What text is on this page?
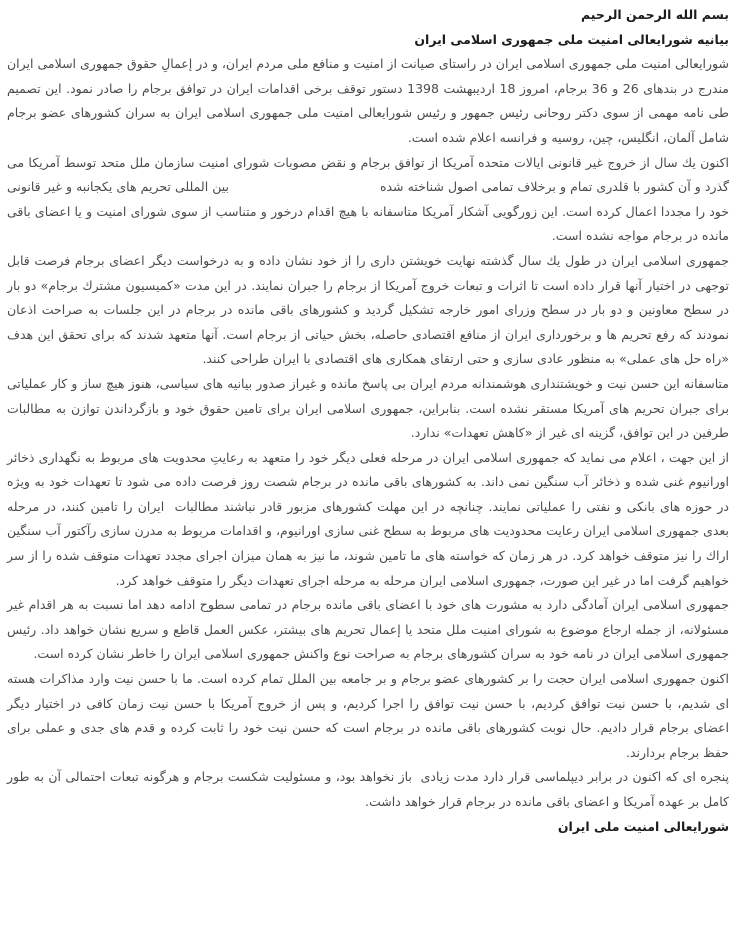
بسم الله الرحمن الرحيم
بيانيه شورايعالی امنيت ملی جمهوری اسلامی ايران

شورايعالی امنيت ملی جمهوری اسلامی ايران در راستای صيانت از امنيت و منافع ملی مردم ايران، و در إعمالِ حقوق جمهوری اسلامی ايران مندرج در بندهای 26 و 36 برجام، امروز 18 ارديبهشت 1398 دستور توقف برخی اقدامات ايران در توافق برجام را صادر نمود. اين تصميم طی نامه مهمی از سوی دكتر روحانی رئيس جمهور و رئيس شورايعالی امنيت ملی جمهوری اسلامی ايران به سران كشورهای عضو برجام شامل آلمان، انگليس، چين، روسيه و فرانسه اعلام شده است.

اكنون يك سال از خروج غير قانونی ايالات متحده آمريكا از توافق برجام و نقض مصوبات شورای امنيت سازمان ملل متحد توسط آمريكا می گذرد و آن كشور با قلدری تمام و برخلاف تمامی اصول شناخته شده                                     بين المللی تحريم های يكجانبه و غير قانونی خود را مجددا اعمال كرده است. اين زورگويی آشكار آمريكا متاسفانه با هيچ اقدام درخور و متناسب از سوی شورای امنيت و يا اعضای باقی مانده در برجام مواجه نشده است.

جمهوری اسلامی ايران در طول يك سال گذشته نهايت خويشتن داری را از خود نشان داده و به درخواست ديگر اعضای برجام فرصت قابل توجهی در اختيار آنها قرار داده است تا اثرات و تبعات خروج آمريكا از برجام را جبران نمايند. در اين مدت «كميسيون مشترك برجام» دو بار در سطح معاونين و دو بار در سطح وزرای امور خارجه تشكيل گرديد و كشورهای باقی مانده در برجام در اين جلسات به صراحت اذعان نمودند كه رفع تحريم ها و برخورداری ايران از منافع اقتصادی حاصله، بخش حياتی از برجام است. آنها متعهد شدند كه برای تحقق اين هدف «راه حل های عملی» به منظور عادی سازی و حتی ارتقای همكاری های اقتصادی با ايران طراحی كنند.

متاسفانه اين حسن نيت و خويشتنداری هوشمندانه مردم ايران بی پاسخ مانده و غيراز صدور بيانيه های سياسی، هنوز هيچ ساز و كار عملياتی برای جبران تحريم های آمريكا مستقر نشده است. بنابراين، جمهوری اسلامی ايران برای تامين حقوق خود و بازگرداندن توازن به مطالبات طرفين در اين توافق، گزينه ای غير از «كاهش تعهدات» ندارد.

از اين جهت ، اعلام می نمايد كه جمهوری اسلامی ايران در مرحله فعلی ديگر خود را متعهد به رعايتِ محدويت های مربوط به نگهداری ذخائر اورانيوم غنی شده و ذخائر آب سنگين نمی داند. به كشورهای باقی مانده در برجام شصت روز فرصت داده می شود تا تعهدات خود به ويژه در حوزه های بانكی و نفتی را عملياتی نمايند. چنانچه در اين مهلت كشورهای مزبور قادر نباشند مطالبات  ايران را تامين كنند، در مرحله بعدی جمهوری اسلامی ايران رعايت محدوديت های مربوط به سطح غنی سازی اورانيوم، و اقدامات مربوط به مدرن سازی رآكتور آب سنگين اراك را نيز متوقف خواهد كرد. در هر زمان كه خواسته های ما تامين شوند، ما نيز به همان ميزان اجرای مجدد تعهدات متوقف شده را از سر خواهيم گرفت اما در غير اين صورت، جمهوری اسلامی ايران مرحله به مرحله اجرای تعهدات ديگر را متوقف خواهد كرد.

جمهوری اسلامی ايران آمادگی دارد به مشورت های خود با اعضای باقی مانده برجام در تمامی سطوح ادامه دهد اما نسبت به هر اقدام غير مسئولانه، از جمله ارجاع موضوع به شورای امنيت ملل متحد يا إعمال تحريم های بيشتر، عكس العمل قاطع و سريع نشان خواهد داد. رئيس جمهوری اسلامی ايران در نامه خود به سران كشورهای برجام به صراحت نوع واكنش جمهوری اسلامی ايران را خاطر نشان كرده است.

اكنون جمهوری اسلامی ايران حجت را بر كشورهای عضو برجام و بر جامعه بين الملل تمام كرده است. ما با حسن نيت وارد مذاكرات هسته ای شديم، با حسن نيت توافق كرديم، با حسن نيت توافق را اجرا كرديم، و پس از خروج آمريكا با حسن نيت زمان كافی در اختيار ديگر اعضای برجام قرار داديم. حال نوبت كشورهای باقی مانده در برجام است كه حسن نيت خود را ثابت كرده و قدم های جدی و عملی برای حفظ برجام بردارند.

پنجره ای كه اكنون در برابر ديپلماسی قرار دارد مدت زيادی  باز نخواهد بود، و مسئوليت شكست برجام و هرگونه تبعات احتمالی آن به طور كامل بر عهده آمريكا و اعضای باقی مانده در برجام قرار خواهد داشت.

شورايعالی امنيت ملی ايران
